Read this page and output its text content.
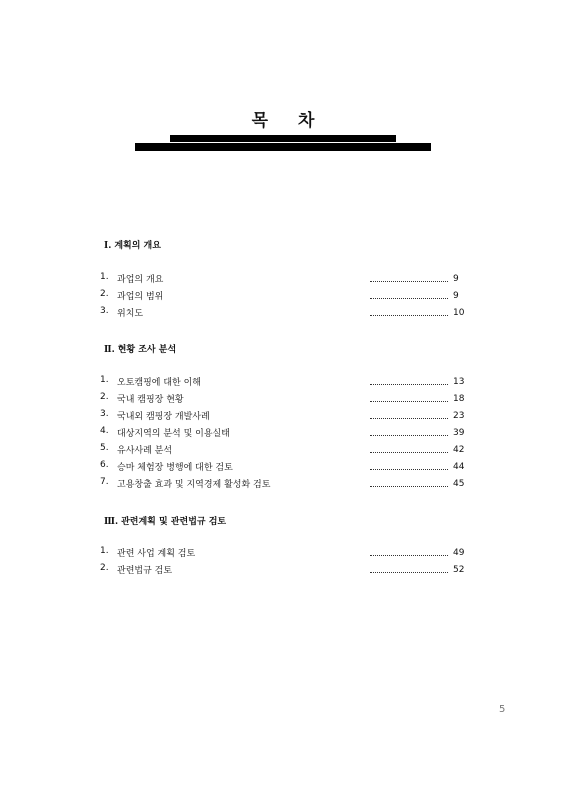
목 차
Ⅰ. 계획의 개요
1. 과업의 개요	9
2. 과업의 범위	9
3. 위치도	10
Ⅱ. 현황 조사 분석
1. 오토캠핑에 대한 이해	13
2. 국내 캠핑장 현황	18
3. 국내외 캠핑장 개발사례	23
4. 대상지역의 분석 및 이용실태	39
5. 유사사례 분석	42
6. 승마 체험장 병행에 대한 검토	44
7. 고용창출 효과 및 지역경제 활성화 검토	45
Ⅲ. 관련계획 및 관련법규 검토
1. 관련 사업 계획 검토	49
2. 관련법규 검토	52
5
